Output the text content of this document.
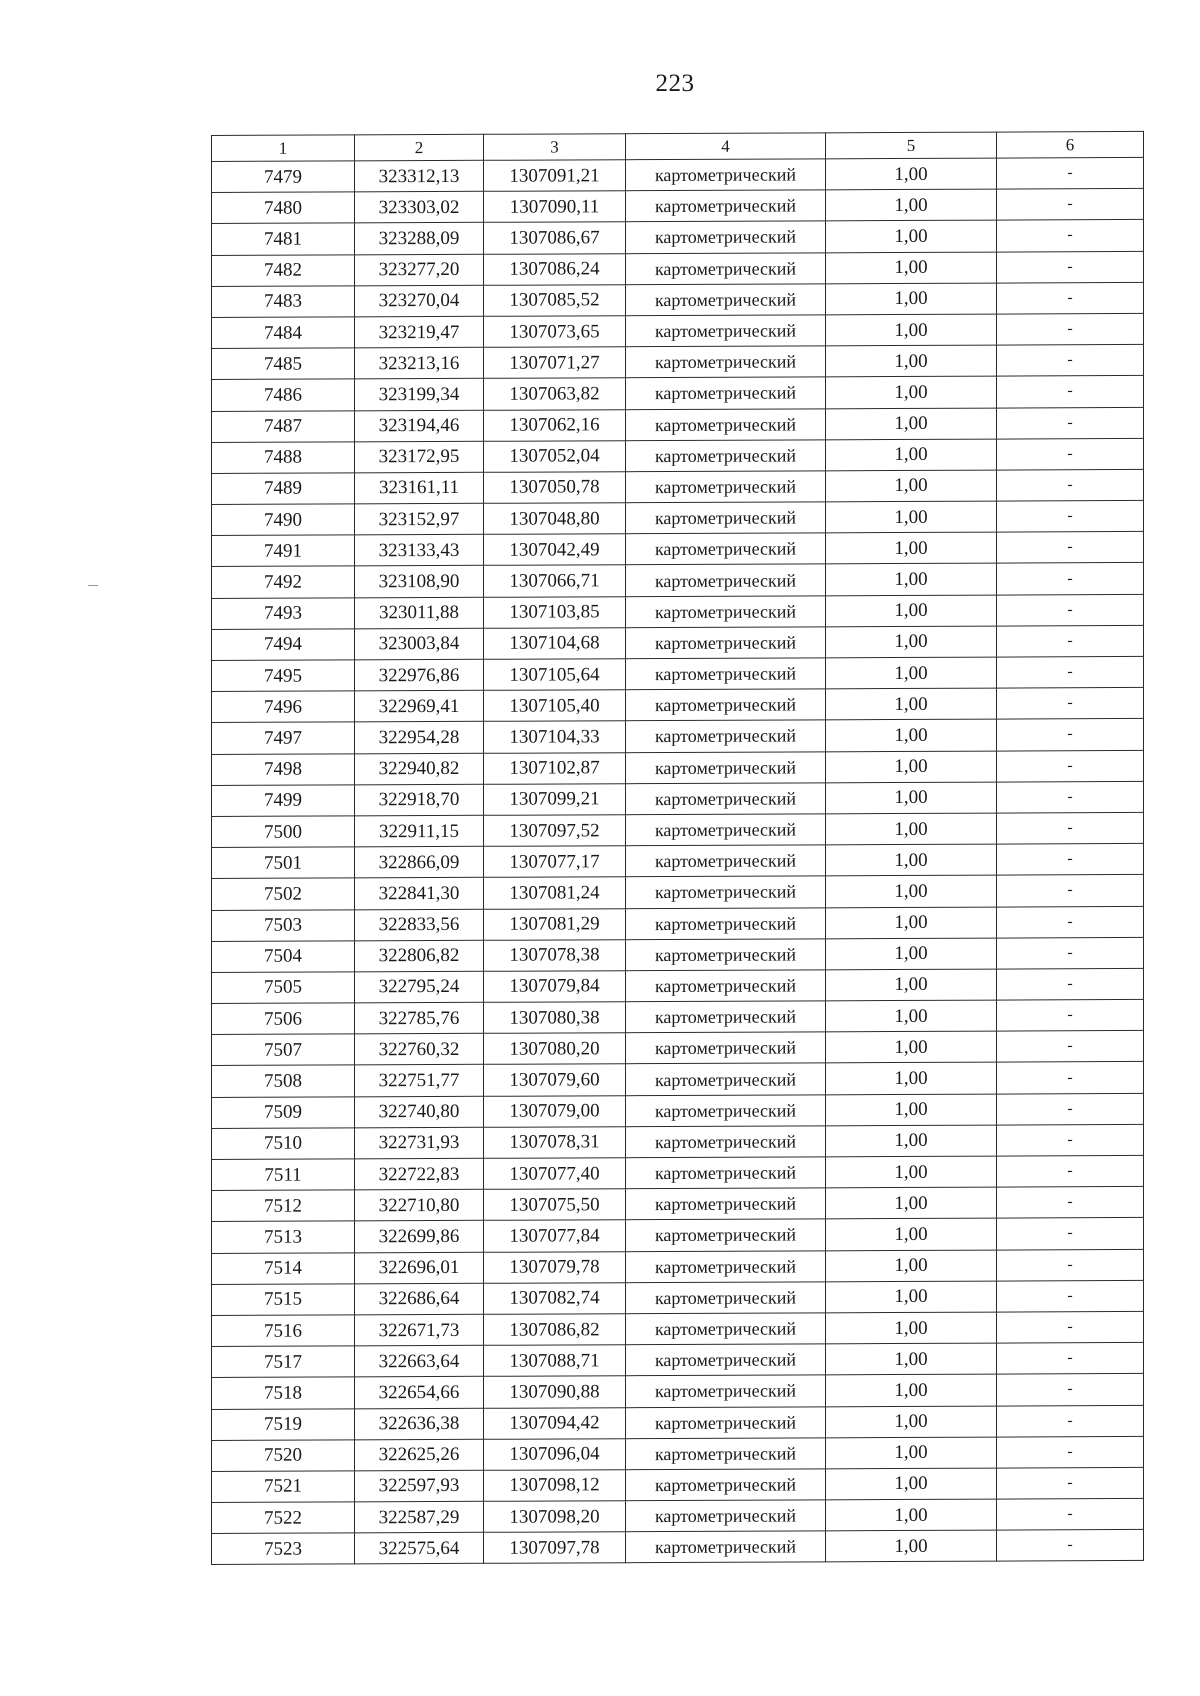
223
1	2	3	4	5	6
7479	323312,13	1307091,21	картометрический	1,00	-
7480	323303,02	1307090,11	картометрический	1,00	-
7481	323288,09	1307086,67	картометрический	1,00	-
7482	323277,20	1307086,24	картометрический	1,00	-
7483	323270,04	1307085,52	картометрический	1,00	-
7484	323219,47	1307073,65	картометрический	1,00	-
7485	323213,16	1307071,27	картометрический	1,00	-
7486	323199,34	1307063,82	картометрический	1,00	-
7487	323194,46	1307062,16	картометрический	1,00	-
7488	323172,95	1307052,04	картометрический	1,00	-
7489	323161,11	1307050,78	картометрический	1,00	-
7490	323152,97	1307048,80	картометрический	1,00	-
7491	323133,43	1307042,49	картометрический	1,00	-
7492	323108,90	1307066,71	картометрический	1,00	-
7493	323011,88	1307103,85	картометрический	1,00	-
7494	323003,84	1307104,68	картометрический	1,00	-
7495	322976,86	1307105,64	картометрический	1,00	-
7496	322969,41	1307105,40	картометрический	1,00	-
7497	322954,28	1307104,33	картометрический	1,00	-
7498	322940,82	1307102,87	картометрический	1,00	-
7499	322918,70	1307099,21	картометрический	1,00	-
7500	322911,15	1307097,52	картометрический	1,00	-
7501	322866,09	1307077,17	картометрический	1,00	-
7502	322841,30	1307081,24	картометрический	1,00	-
7503	322833,56	1307081,29	картометрический	1,00	-
7504	322806,82	1307078,38	картометрический	1,00	-
7505	322795,24	1307079,84	картометрический	1,00	-
7506	322785,76	1307080,38	картометрический	1,00	-
7507	322760,32	1307080,20	картометрический	1,00	-
7508	322751,77	1307079,60	картометрический	1,00	-
7509	322740,80	1307079,00	картометрический	1,00	-
7510	322731,93	1307078,31	картометрический	1,00	-
7511	322722,83	1307077,40	картометрический	1,00	-
7512	322710,80	1307075,50	картометрический	1,00	-
7513	322699,86	1307077,84	картометрический	1,00	-
7514	322696,01	1307079,78	картометрический	1,00	-
7515	322686,64	1307082,74	картометрический	1,00	-
7516	322671,73	1307086,82	картометрический	1,00	-
7517	322663,64	1307088,71	картометрический	1,00	-
7518	322654,66	1307090,88	картометрический	1,00	-
7519	322636,38	1307094,42	картометрический	1,00	-
7520	322625,26	1307096,04	картометрический	1,00	-
7521	322597,93	1307098,12	картометрический	1,00	-
7522	322587,29	1307098,20	картометрический	1,00	-
7523	322575,64	1307097,78	картометрический	1,00	-
